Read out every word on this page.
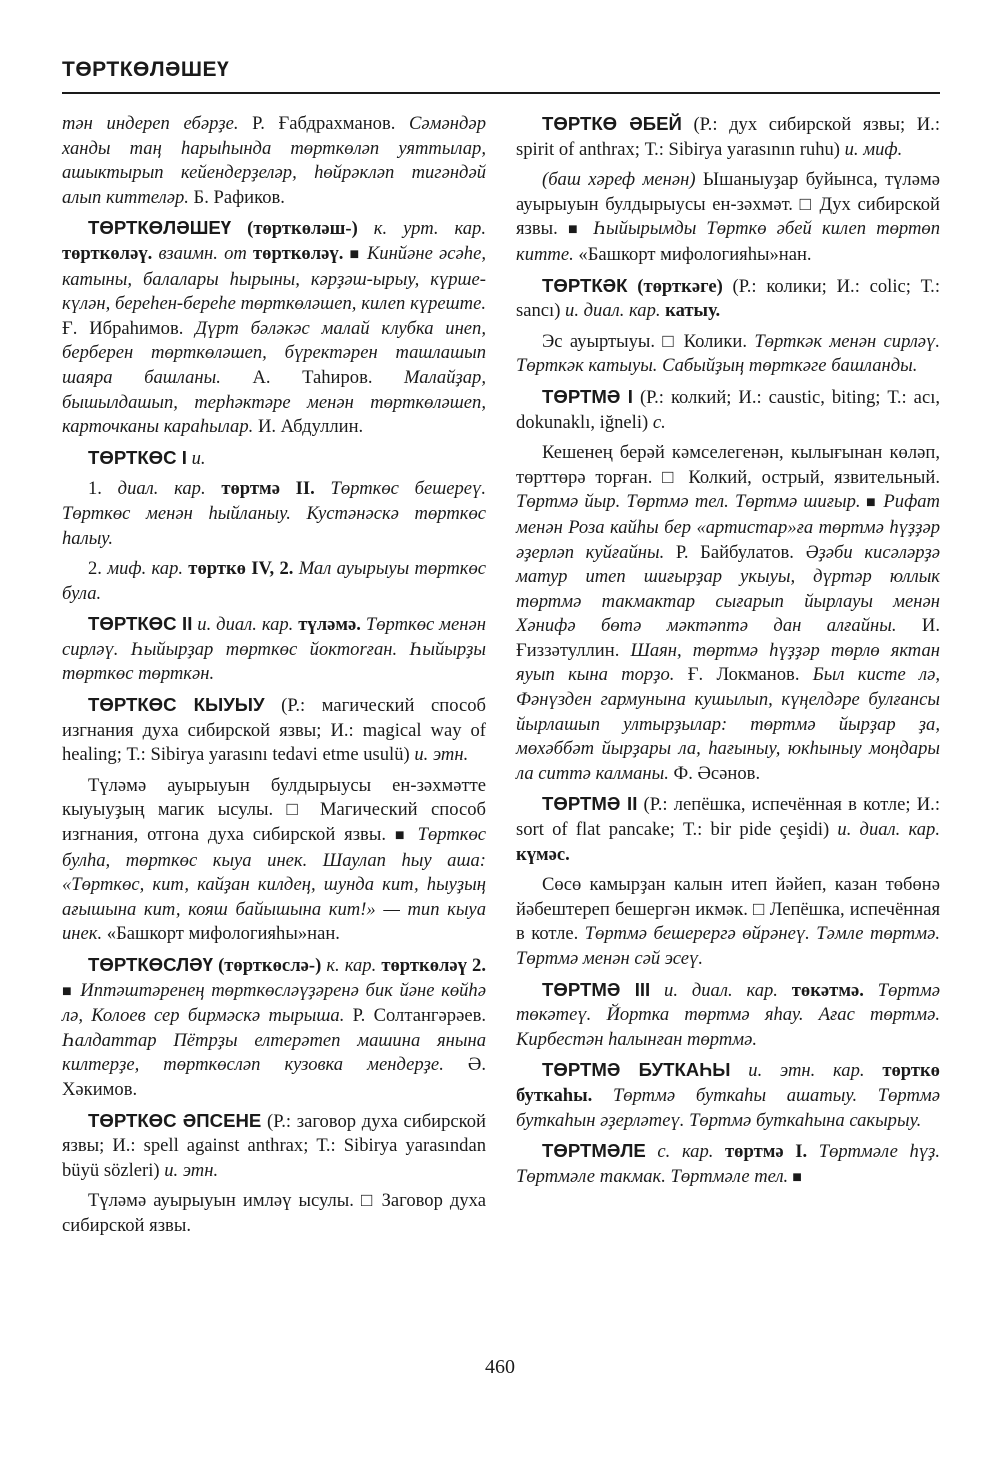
ТӨРТКӨЛӘШЕҮ

тән индереп ебәрҙе. Р. Ғабдрахманов. Сәмәндәр ханды таң һарыһында төрткөләп уяттылар, ашыктырып кейендерҙеләр, һөйрәкләп тигәндәй алып киттеләр. Б. Рафиков.

ТӨРТКӨЛӘШЕҮ (төрткөләш-) к. урт. кар. төрткөләү. взаимн. от төрткөләү. ■ Кинйәне әсәһе, катыны, балалары һырыны, кәрҙәш-ырыу, күрше-күлән, береһен-береһе төрткөләшеп, килеп күреште. Ғ. Ибраһимов. Дүрт бәләкәс малай клубка инеп, берберен төрткөләшеп, бүректәрен ташлашып шаяра башланы. А. Таһиров. Малайҙар, бышылдашып, терһәктәре менән төрткөләшеп, карточканы караһылар. И. Абдуллин.

ТӨРТКӨС I и.

1. диал. кар. төртмә II. Төрткөс бешереү. Төрткөс менән һыйланыу. Кустәнәскә төрткөс һалыу.

2. миф. кар. төрткө IV, 2. Мал ауырыуы төрткөс була.

ТӨРТКӨС II и. диал. кар. түләмә. Төрткөс менән сирләү. Һыйырҙар төрткөс йоктorған. Һыйырҙы төрткөс төрткән.

ТӨРТКӨС КЫУЫУ (Р.: магический способ изгнания духа сибирской язвы; И.: magical way of healing; Т.: Sibirya yarasını tedavi etme usulü) и. этн.

Түләмә ауырыуын булдырыусы ен-зәхмәтте кыуыуҙың магик ысулы. □ Магический способ изгнания, отгона духа сибирской язвы. ■ Төрткөс булһа, төрткөс кыуа инек. Шаулап һыу аша: «Төрткөс, кит, кайҙан килдең, шунда кит, һыуҙың ағышына кит, кояш байышына кит!» — тип кыуа инек. «Башкорт мифологияһы»нан.

ТӨРТКӨСЛӘҮ (төрткөслә-) к. кар. төрткөләү 2. ■ Иптәштәренең төрткөсләүҙәренә бик йәне көйһә лә, Колоев сер бирмәскә тырыша. Р. Солтангәрәев. Һалдаттар Пётрҙы елтерәтеп машина янына килтерҙе, төрткөсләп кузовка мендерҙе. Ә. Хәкимов.

ТӨРТКӨС ӘПСЕНЕ (Р.: заговор духа сибирской язвы; И.: spell against anthrax; Т.: Sibirya yarasından büyü sözleri) и. этн.

Түләмә ауырыуын имләү ысулы. □ Заговор духа сибирской язвы.

ТӨРТКӨ ӘБЕЙ (Р.: дух сибирской язвы; И.: spirit of anthrax; Т.: Sibirya yarasının ruhu) и. миф.

(баш хәреф менән) Ышаныуҙар буйынса, түләмә ауырыуын булдырыусы ен-зәхмәт. □ Дух сибирской язвы. ■ Һыйырымды Төрткө әбей килеп төртөп китте. «Башкорт мифологияһы»нан.

ТӨРТКӘК (төрткәге) (Р.: колики; И.: colic; Т.: sancı) и. диал. кар. катыу.

Эс ауыртыуы. □ Колики. Төрткәк менән сирләү. Төрткәк катыуы. Сабыйҙың төрткәге башланды.

ТӨРТМӘ I (Р.: колкий; И.: caustic, biting; Т.: acı, dokunaklı, iğneli) с.

Кешенең берәй кәмселегенән, кылығынан көләп, төрттөрә торған. □ Колкий, острый, язвительный. Төртмә йыр. Төртмә тел. Төртмә шиғыр. ■ Рифат менән Роза кайһы бер «артистар»ға төртмә һүҙҙәр әҙерләп куйғайны. Р. Байбулатов. Әҙәби кисәләрҙә матур итеп шиғырҙар укыуы, дүртәр юллык төртмә такмактар сығарып йырлауы менән Хәнифә бөтә мәктәптә дан алғайны. И. Ғиззәтуллин. Шаян, төртмә һүҙҙәр төрлө яктан яуып кына торҙо. Ғ. Локманов. Был кисте лә, Фәнүзден гармунына кушылып, күңелдәре булғансы йырлашып ултырҙылар: төртмә йырҙар ҙа, мөхәббәт йырҙары ла, һағыныу, юкһыныу моңдары ла ситтә калманы. Ф. Әсәнов.

ТӨРТМӘ II (Р.: лепёшка, испечённая в котле; И.: sort of flat pancake; Т.: bir pide çeşidi) и. диал. кар. күмәс.

Сөсө камырҙан калын итеп йәйеп, казан төбөнә йәбештереп бешергән икмәк. □ Лепёшка, испечённая в котле. Төртмә бешерергә өйрәнеү. Тәмле төртмә. Төртмә менән сәй эсеү.

ТӨРТМӘ III и. диал. кар. төкәтмә. Төртмә төкәтеү. Йортка төртмә яһау. Ағас төртмә. Кирбестән һалынған төртмә.

ТӨРТМӘ БУТКАҺЫ и. этн. кар. төрткө буткаһы. Төртмә буткаһы ашатыу. Төртмә буткаһын әҙерләтеү. Төртмә буткаһына сакырыу.

ТӨРТМӘЛЕ с. кар. төртмә I. Төртмәле һүҙ. Төртмәле такмак. Төртмәле тел. ■

460
